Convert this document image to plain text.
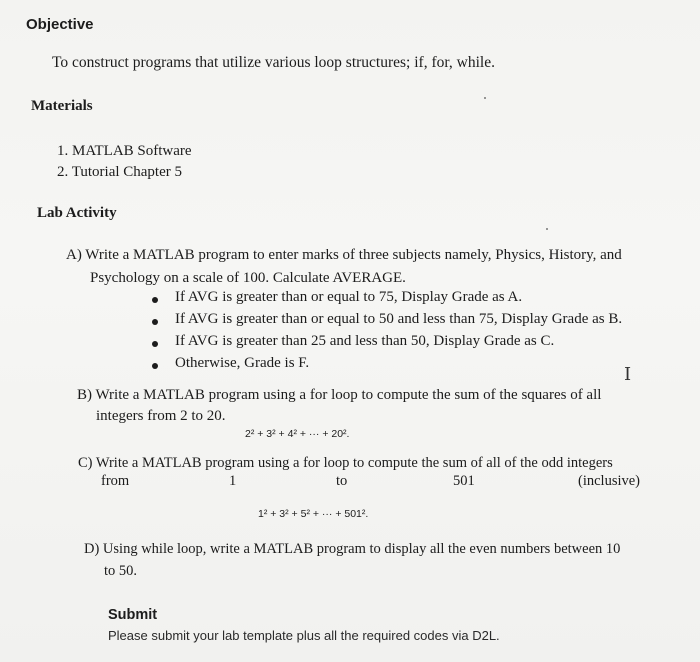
Objective
To construct programs that utilize various loop structures; if, for, while.
Materials
1. MATLAB Software
2. Tutorial Chapter 5
Lab Activity
A) Write a MATLAB program to enter marks of three subjects namely, Physics, History, and
Psychology on a scale of 100. Calculate AVERAGE.
If AVG is greater than or equal to 75, Display Grade as A.
If AVG is greater than or equal to 50 and less than 75, Display Grade as B.
If AVG is greater than 25 and less than 50, Display Grade as C.
Otherwise, Grade is F.
I
B) Write a MATLAB program using a for loop to compute the sum of the squares of all
integers from 2 to 20.
2² + 3² + 4² + ··· + 20².
C) Write a MATLAB program using a for loop to compute the sum of all of the odd integers
from	1	to	501	(inclusive)
1² + 3² + 5² + ··· + 501².
D) Using while loop, write a MATLAB program to display all the even numbers between 10
to 50.
Submit
Please submit your lab template plus all the required codes via D2L.
